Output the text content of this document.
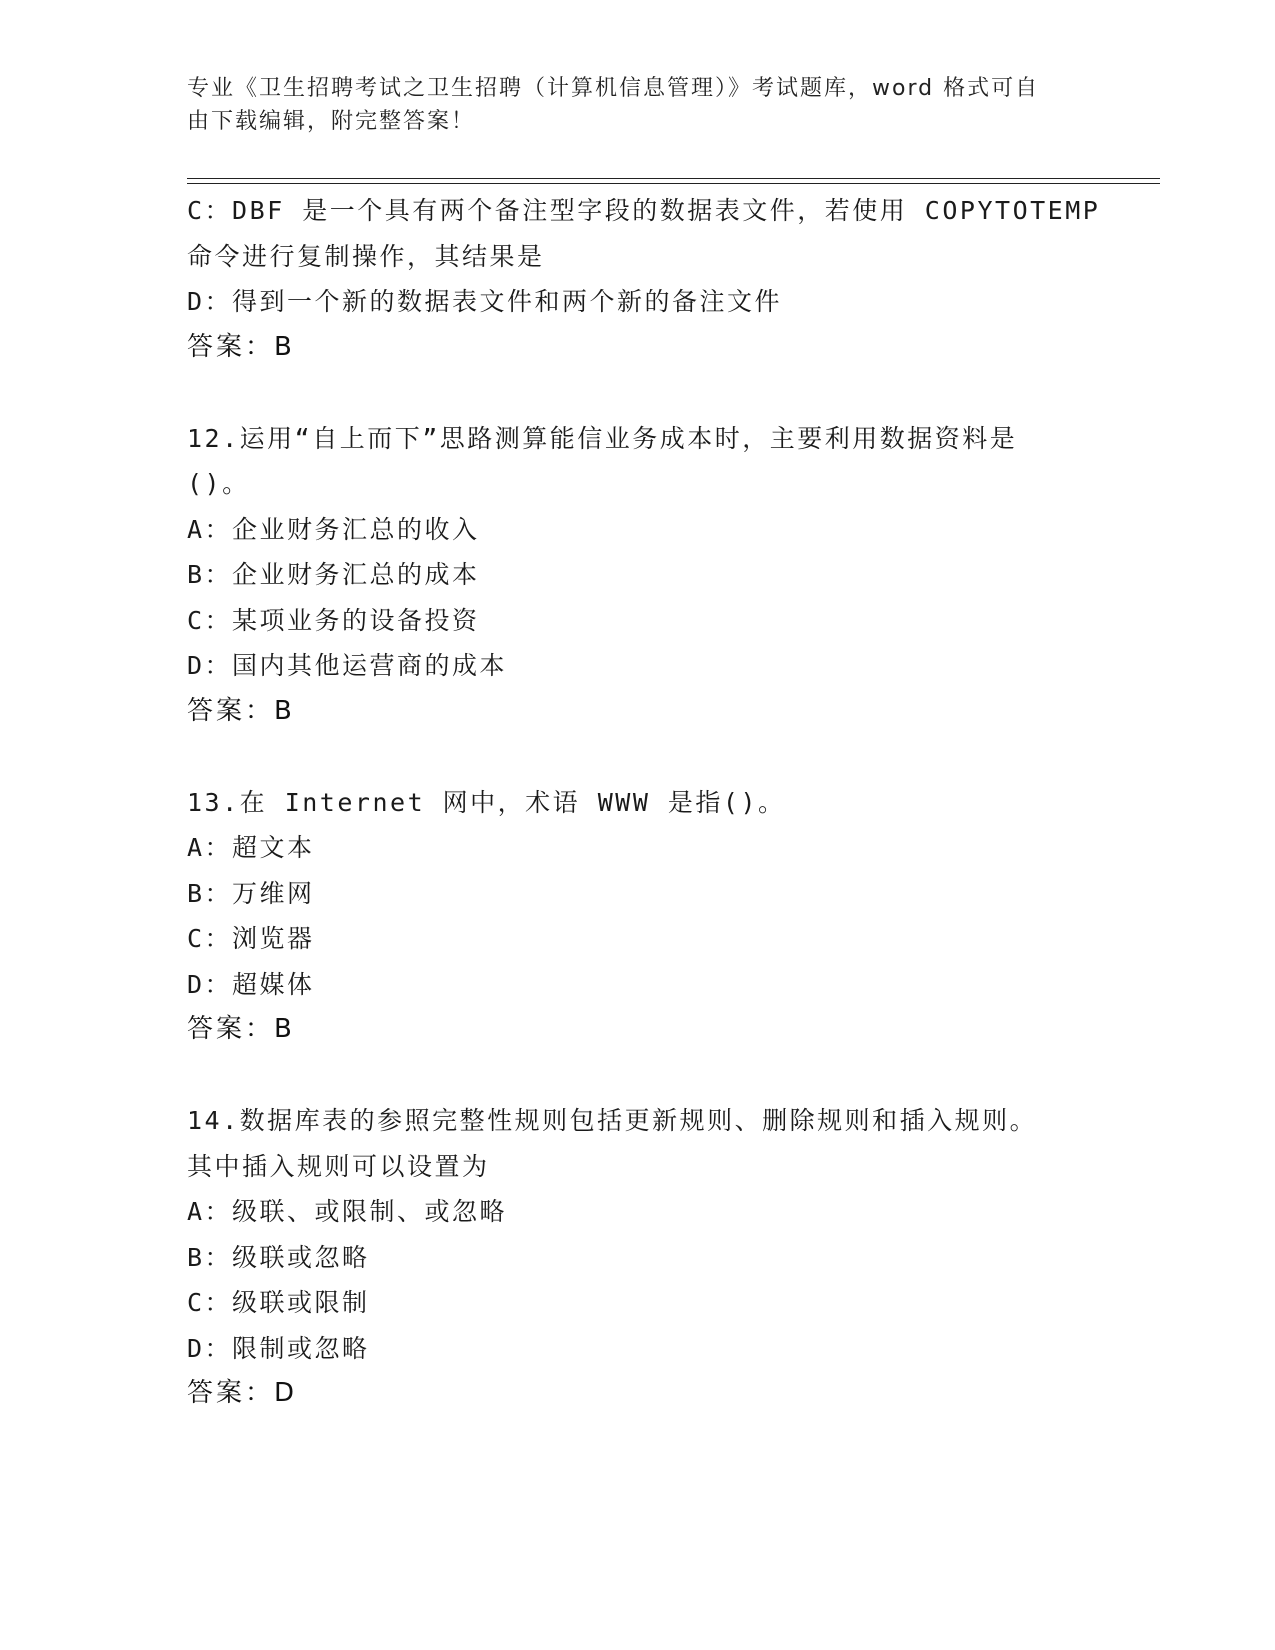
专业《卫生招聘考试之卫生招聘（计算机信息管理）》考试题库，word 格式可自
由下载编辑，附完整答案！
C：DBF 是一个具有两个备注型字段的数据表文件，若使用 COPYTOTEMP
命令进行复制操作，其结果是
D：得到一个新的数据表文件和两个新的备注文件
答案：B
12.运用“自上而下”思路测算能信业务成本时，主要利用数据资料是
()。
A：企业财务汇总的收入
B：企业财务汇总的成本
C：某项业务的设备投资
D：国内其他运营商的成本
答案：B
13.在 Internet 网中，术语 WWW 是指()。
A：超文本
B：万维网
C：浏览器
D：超媒体
答案：B
14.数据库表的参照完整性规则包括更新规则、删除规则和插入规则。
其中插入规则可以设置为
A：级联、或限制、或忽略
B：级联或忽略
C：级联或限制
D：限制或忽略
答案：D
